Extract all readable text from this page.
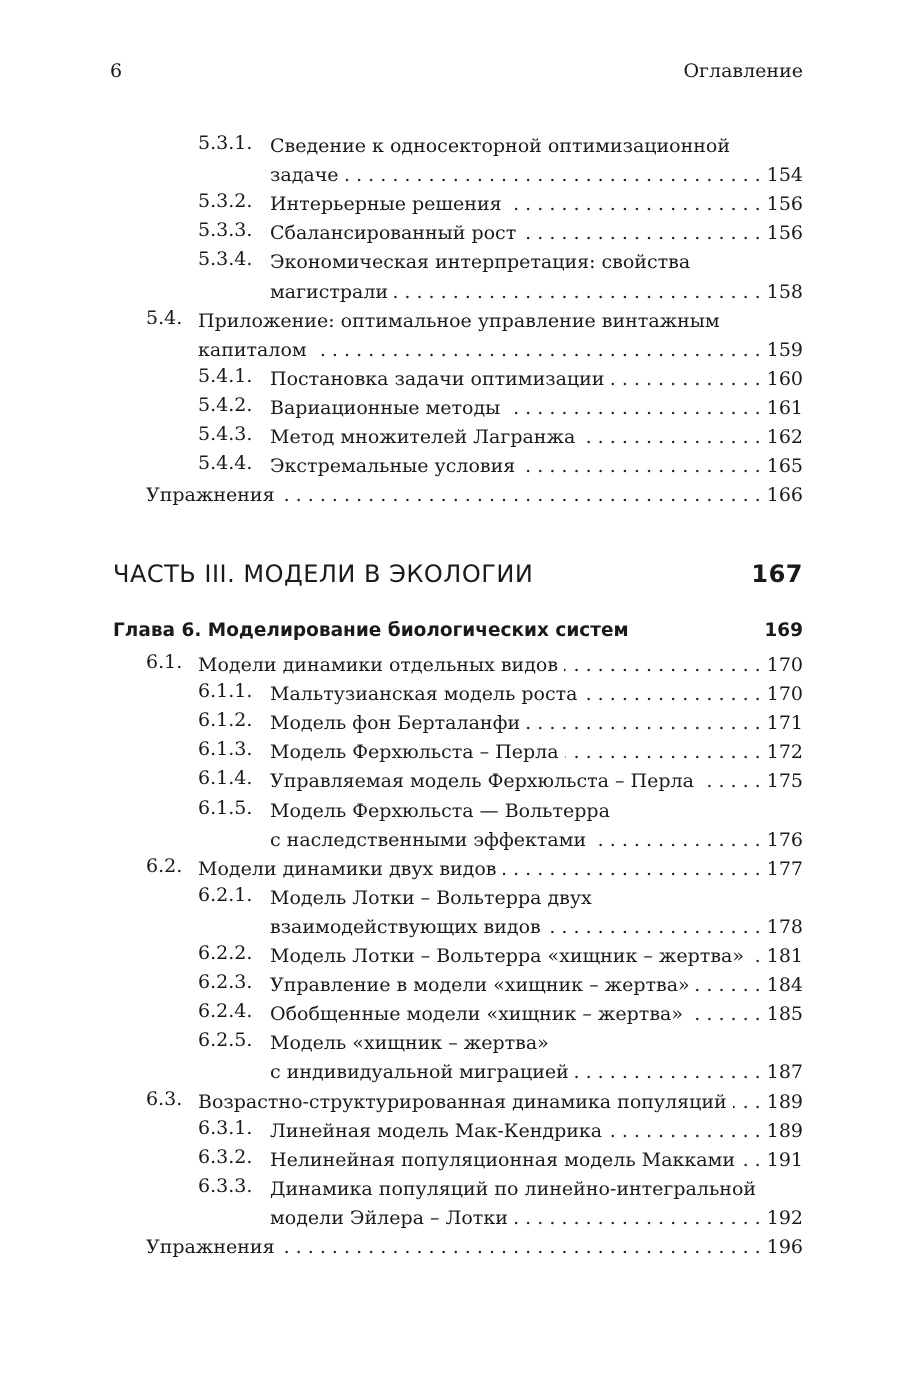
6	Оглавление
5.3.1. Сведение к односекторной оптимизационной
задаче . . .	154
5.3.2. Интерьерные решения . . .	156
5.3.3. Сбалансированный рост . . .	156
5.3.4. Экономическая интерпретация: свойства
магистрали . . .	158
5.4. Приложение: оптимальное управление винтажным
капиталом . . .	159
5.4.1. Постановка задачи оптимизации . . .	160
5.4.2. Вариационные методы . . .	161
5.4.3. Метод множителей Лагранжа . . .	162
5.4.4. Экстремальные условия . . .	165
Упражнения . . .	166
ЧАСТЬ III. МОДЕЛИ В ЭКОЛОГИИ	167
Глава 6. Моделирование биологических систем	169
6.1. Модели динамики отдельных видов . . .	170
6.1.1. Мальтузианская модель роста . . .	170
6.1.2. Модель фон Берталанфи . . .	171
6.1.3. Модель Ферхюльста – Перла . . .	172
6.1.4. Управляемая модель Ферхюльста – Перла . . .	175
6.1.5. Модель Ферхюльста — Вольтерра
с наследственными эффектами . . .	176
6.2. Модели динамики двух видов . . .	177
6.2.1. Модель Лотки – Вольтерра двух
взаимодействующих видов . . .	178
6.2.2. Модель Лотки – Вольтерра «хищник – жертва» . . . 181
6.2.3. Управление в модели «хищник – жертва» . . .	184
6.2.4. Обобщенные модели «хищник – жертва» . . .	185
6.2.5. Модель «хищник – жертва»
с индивидуальной миграцией . . .	187
6.3. Возрастно-структурированная динамика популяций . . . 189
6.3.1. Линейная модель Мак-Кендрика . . .	189
6.3.2. Нелинейная популяционная модель Макками . . . 191
6.3.3. Динамика популяций по линейно-интегральной
модели Эйлера – Лотки . . .	192
Упражнения . . .	196
